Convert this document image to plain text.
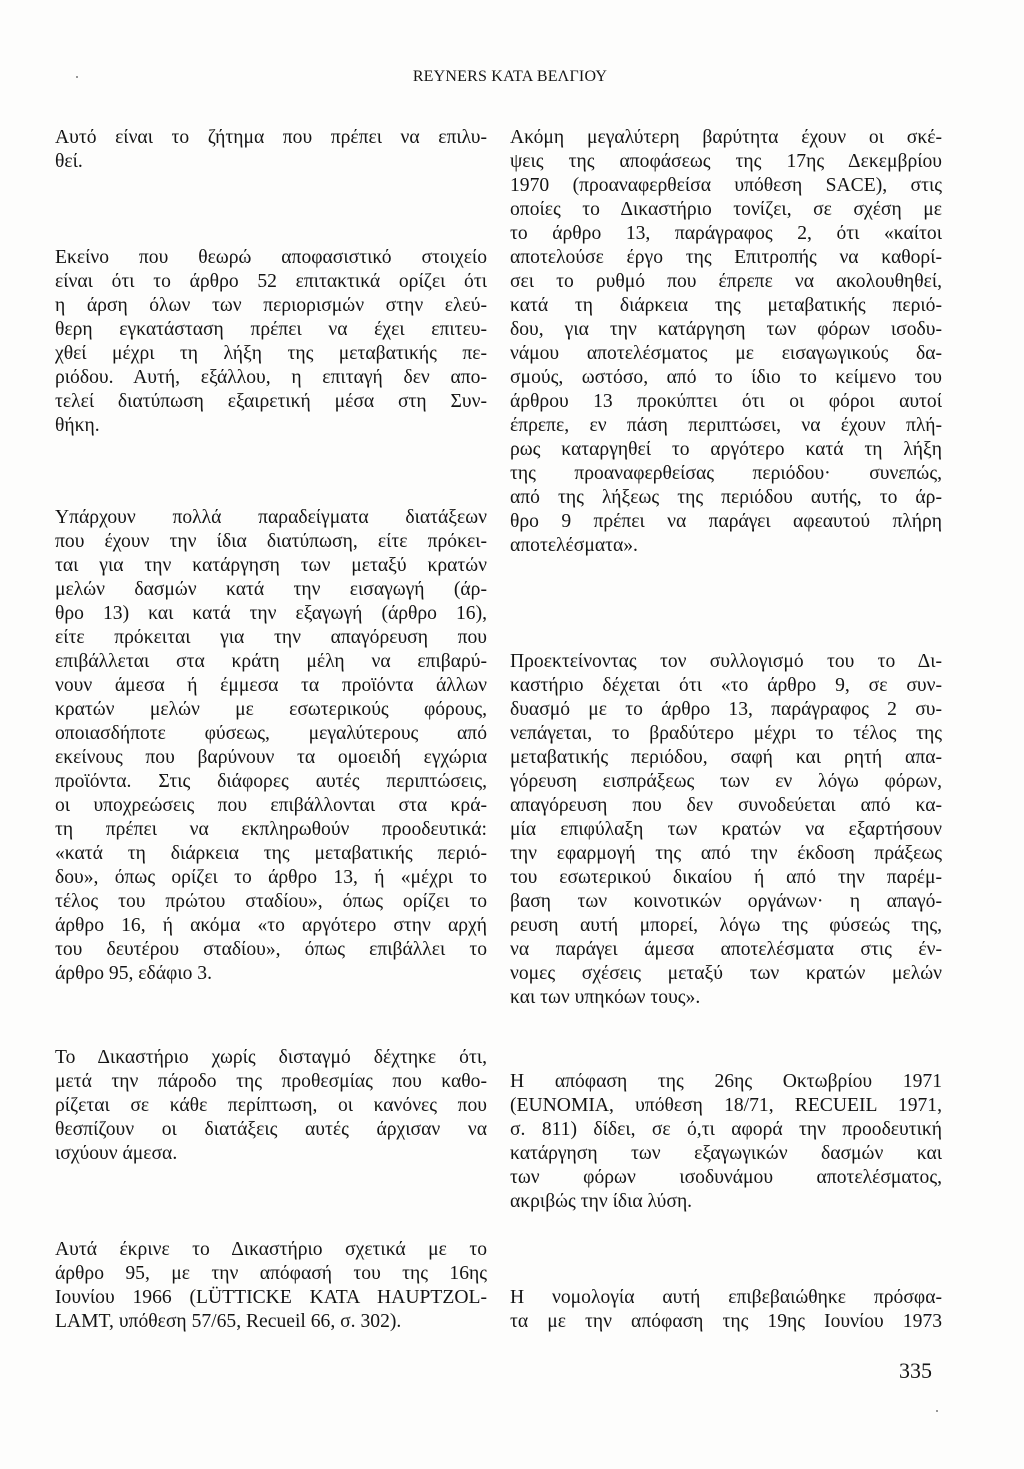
REYNERS ΚΑΤΑ ΒΕΛΓΙΟΥ
Αυτό είναι το ζήτημα που πρέπει να επιλυ-
θεί.
Εκείνο που θεωρώ αποφασιστικό στοιχείο
είναι ότι το άρθρο 52 επιτακτικά ορίζει ότι
η άρση όλων των περιορισμών στην ελεύ-
θερη εγκατάσταση πρέπει να έχει επιτευ-
χθεί μέχρι τη λήξη της μεταβατικής πε-
ριόδου. Αυτή, εξάλλου, η επιταγή δεν απο-
τελεί διατύπωση εξαιρετική μέσα στη Συν-
θήκη.
Υπάρχουν πολλά παραδείγματα διατάξεων
που έχουν την ίδια διατύπωση, είτε πρόκει-
ται για την κατάργηση των μεταξύ κρατών
μελών δασμών κατά την εισαγωγή (άρ-
θρο 13) και κατά την εξαγωγή (άρθρο 16),
είτε πρόκειται για την απαγόρευση που
επιβάλλεται στα κράτη μέλη να επιβαρύ-
νουν άμεσα ή έμμεσα τα προϊόντα άλλων
κρατών μελών με εσωτερικούς φόρους,
οποιασδήποτε φύσεως, μεγαλύτερους από
εκείνους που βαρύνουν τα ομοειδή εγχώρια
προϊόντα. Στις διάφορες αυτές περιπτώσεις,
οι υποχρεώσεις που επιβάλλονται στα κρά-
τη πρέπει να εκπληρωθούν προοδευτικά:
«κατά τη διάρκεια της μεταβατικής περιό-
δου», όπως ορίζει το άρθρο 13, ή «μέχρι το
τέλος του πρώτου σταδίου», όπως ορίζει το
άρθρο 16, ή ακόμα «το αργότερο στην αρχή
του δευτέρου σταδίου», όπως επιβάλλει το
άρθρο 95, εδάφιο 3.
Το Δικαστήριο χωρίς δισταγμό δέχτηκε ότι,
μετά την πάροδο της προθεσμίας που καθο-
ρίζεται σε κάθε περίπτωση, οι κανόνες που
θεσπίζουν οι διατάξεις αυτές άρχισαν να
ισχύουν άμεσα.
Αυτά έκρινε το Δικαστήριο σχετικά με το
άρθρο 95, με την απόφασή του της 16ης
Ιουνίου 1966 (LÜTTICKE ΚΑΤΑ HAUPTZOL-
LAMT, υπόθεση 57/65, Recueil 66, σ. 302).
Ακόμη μεγαλύτερη βαρύτητα έχουν οι σκέ-
ψεις της αποφάσεως της 17ης Δεκεμβρίου
1970 (προαναφερθείσα υπόθεση SACE), στις
οποίες το Δικαστήριο τονίζει, σε σχέση με
το άρθρο 13, παράγραφος 2, ότι «καίτοι
αποτελούσε έργο της Επιτροπής να καθορί-
σει το ρυθμό που έπρεπε να ακολουθηθεί,
κατά τη διάρκεια της μεταβατικής περιό-
δου, για την κατάργηση των φόρων ισοδυ-
νάμου αποτελέσματος με εισαγωγικούς δα-
σμούς, ωστόσο, από το ίδιο το κείμενο του
άρθρου 13 προκύπτει ότι οι φόροι αυτοί
έπρεπε, εν πάση περιπτώσει, να έχουν πλή-
ρως καταργηθεί το αργότερο κατά τη λήξη
της προαναφερθείσας περιόδου· συνεπώς,
από της λήξεως της περιόδου αυτής, το άρ-
θρο 9 πρέπει να παράγει αφεαυτού πλήρη
αποτελέσματα».
Προεκτείνοντας τον συλλογισμό του το Δι-
καστήριο δέχεται ότι «το άρθρο 9, σε συν-
δυασμό με το άρθρο 13, παράγραφος 2 συ-
νεπάγεται, το βραδύτερο μέχρι το τέλος της
μεταβατικής περιόδου, σαφή και ρητή απα-
γόρευση εισπράξεως των εν λόγω φόρων,
απαγόρευση που δεν συνοδεύεται από κα-
μία επιφύλαξη των κρατών να εξαρτήσουν
την εφαρμογή της από την έκδοση πράξεως
του εσωτερικού δικαίου ή από την παρέμ-
βαση των κοινοτικών οργάνων· η απαγό-
ρευση αυτή μπορεί, λόγω της φύσεώς της,
να παράγει άμεσα αποτελέσματα στις έν-
νομες σχέσεις μεταξύ των κρατών μελών
και των υπηκόων τους».
Η απόφαση της 26ης Οκτωβρίου 1971
(EUNOMIA, υπόθεση 18/71, RECUEIL 1971,
σ. 811) δίδει, σε ό,τι αφορά την προοδευτική
κατάργηση των εξαγωγικών δασμών και
των φόρων ισοδυνάμου αποτελέσματος,
ακριβώς την ίδια λύση.
Η νομολογία αυτή επιβεβαιώθηκε πρόσφα-
τα με την απόφαση της 19ης Ιουνίου 1973
335
